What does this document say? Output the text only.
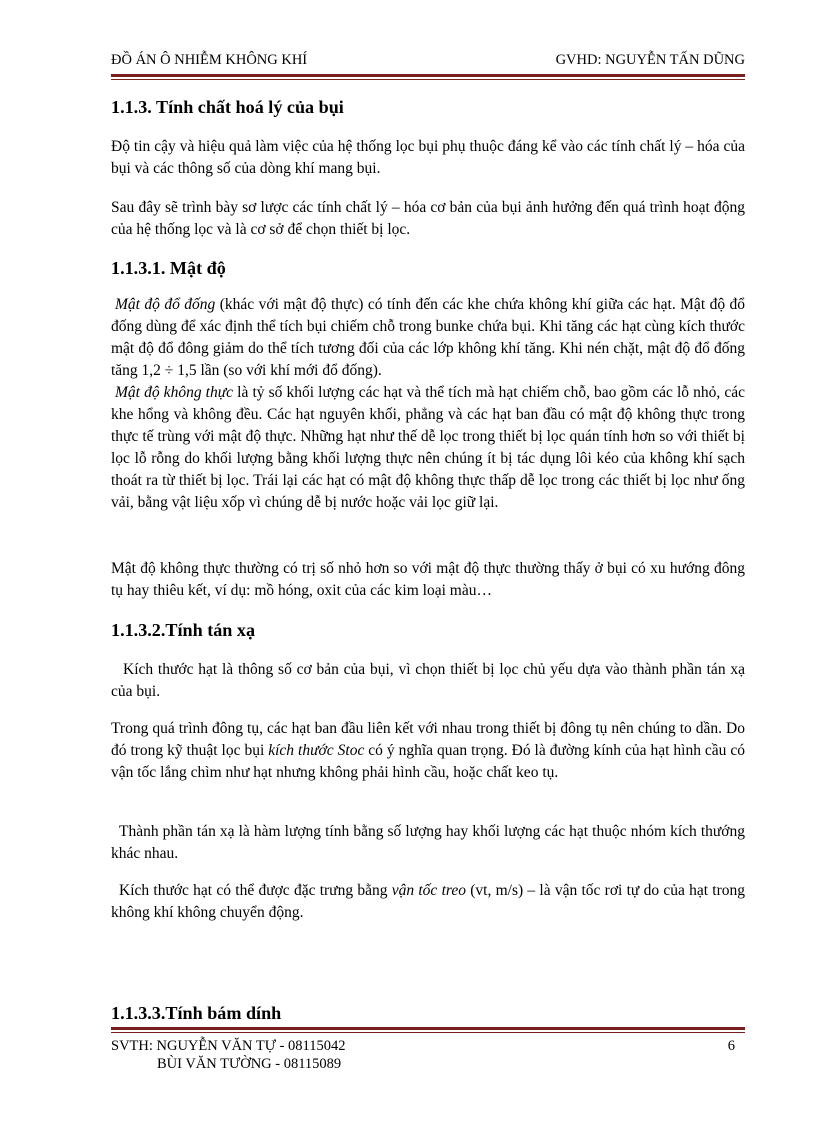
ĐỒ ÁN Ô NHIỄM KHÔNG KHÍ	GVHD: NGUYỄN TẤN DŨNG
1.1.3. Tính chất hoá lý của bụi

Độ tin cậy và hiệu quả làm việc của hệ thống lọc bụi phụ thuộc đáng kể vào các tính chất lý – hóa của bụi và các thông số của dòng khí mang bụi.

Sau đây sẽ trình bày sơ lược các tính chất lý – hóa cơ bản của bụi ảnh hưởng đến quá trình hoạt động của hệ thống lọc và là cơ sở để chọn thiết bị lọc.

1.1.3.1. Mật độ

Mật độ đổ đống (khác với mật độ thực) có tính đến các khe chứa không khí giữa các hạt. Mật độ đổ đống dùng để xác định thể tích bụi chiếm chỗ trong bunke chứa bụi. Khi tăng các hạt cùng kích thước mật độ đổ đông giảm do thể tích tương đối của các lớp không khí tăng. Khi nén chặt, mật độ đổ đống tăng 1,2 ÷ 1,5 lần (so với khí mới đổ đống).

Mật độ không thực là tỷ số khối lượng các hạt và thể tích mà hạt chiếm chỗ, bao gồm các lỗ nhỏ, các khe hổng và không đều. Các hạt nguyên khối, phẳng và các hạt ban đầu có mật độ không thực trong thực tế trùng với mật độ thực. Những hạt như thế dễ lọc trong thiết bị lọc quán tính hơn so với thiết bị lọc lỗ rỗng do khối lượng bằng khối lượng thực nên chúng ít bị tác dụng lôi kéo của không khí sạch thoát ra từ thiết bị lọc. Trái lại các hạt có mật độ không thực thấp dễ lọc trong các thiết bị lọc như ống vải, bằng vật liệu xốp vì chúng dễ bị nước hoặc vải lọc giữ lại.

Mật độ không thực thường có trị số nhỏ hơn so với mật độ thực thường thấy ở bụi có xu hướng đông tụ hay thiêu kết, ví dụ: mồ hóng, oxit của các kim loại màu…

1.1.3.2.Tính tán xạ

Kích thước hạt là thông số cơ bản của bụi, vì chọn thiết bị lọc chủ yếu dựa vào thành phần tán xạ của bụi.

Trong quá trình đông tụ, các hạt ban đầu liên kết với nhau trong thiết bị đông tụ nên chúng to dần. Do đó trong kỹ thuật lọc bụi kích thước Stoc có ý nghĩa quan trọng. Đó là đường kính của hạt hình cầu có vận tốc lắng chìm như hạt nhưng không phải hình cầu, hoặc chất keo tụ.

Thành phần tán xạ là hàm lượng tính bằng số lượng hay khối lượng các hạt thuộc nhóm kích thướng khác nhau.

Kích thước hạt có thể được đặc trưng bằng vận tốc treo (vt, m/s) – là vận tốc rơi tự do của hạt trong không khí không chuyển động.

1.1.3.3.Tính bám dính
SVTH: NGUYỄN VĂN TỰ - 08115042
BÙI VĂN TƯỜNG - 08115089
6
